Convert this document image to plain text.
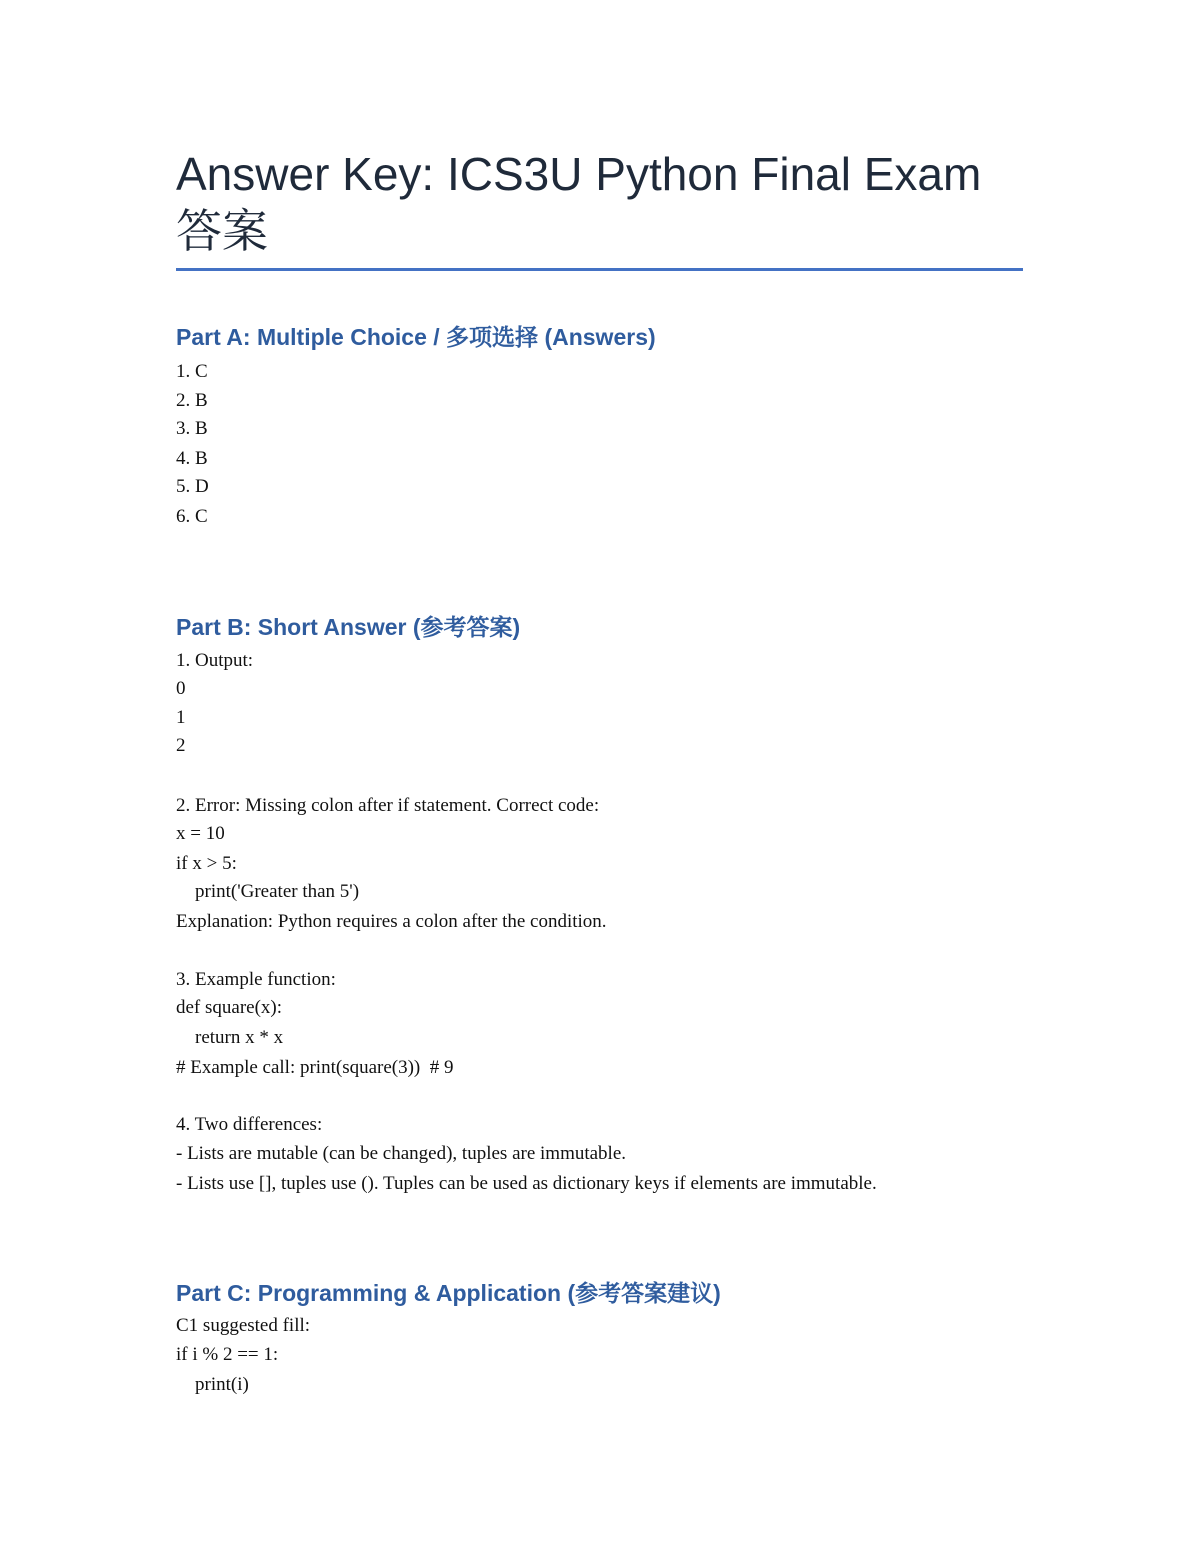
Answer Key: ICS3U Python Final Exam
答案
Part A: Multiple Choice / 多项选择 (Answers)
1. C
2. B
3. B
4. B
5. D
6. C
Part B: Short Answer (参考答案)
1. Output:
0
1
2
2. Error: Missing colon after if statement. Correct code:
x = 10
if x > 5:
print('Greater than 5')
Explanation: Python requires a colon after the condition.
3. Example function:
def square(x):
return x * x
# Example call: print(square(3))  # 9
4. Two differences:
- Lists are mutable (can be changed), tuples are immutable.
- Lists use [], tuples use (). Tuples can be used as dictionary keys if elements are immutable.
Part C: Programming & Application (参考答案建议)
C1 suggested fill:
if i % 2 == 1:
print(i)
